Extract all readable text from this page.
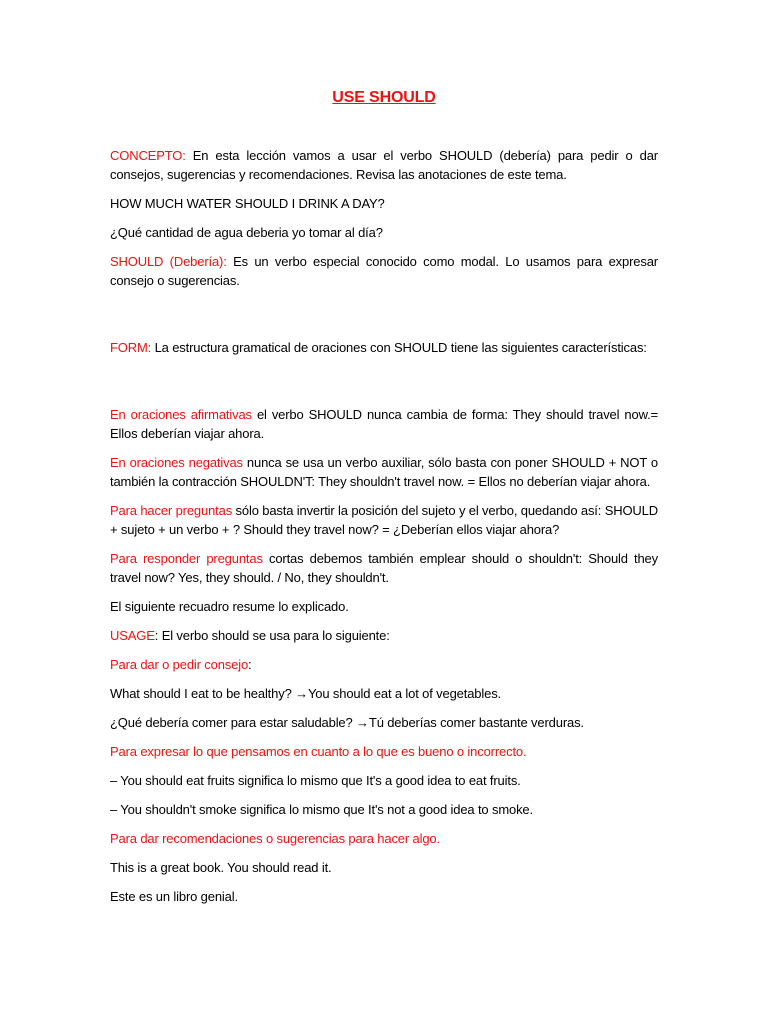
USE SHOULD
CONCEPTO: En esta lección vamos a usar el verbo SHOULD (debería) para pedir o dar consejos, sugerencias y recomendaciones. Revisa las anotaciones de este tema.
HOW MUCH WATER SHOULD I DRINK A DAY?
¿Qué cantidad de agua deberia yo tomar al día?
SHOULD (Debería): Es un verbo especial conocido como modal. Lo usamos para expresar consejo o sugerencias.
FORM: La estructura gramatical de oraciones con SHOULD tiene las siguientes características:
En oraciones afirmativas el verbo SHOULD nunca cambia de forma: They should travel now.= Ellos deberían viajar ahora.
En oraciones negativas nunca se usa un verbo auxiliar, sólo basta con poner SHOULD + NOT o también la contracción SHOULDN'T: They shouldn't travel now. = Ellos no deberían viajar ahora.
Para hacer preguntas sólo basta invertir la posición del sujeto y el verbo, quedando así: SHOULD + sujeto + un verbo + ? Should they travel now? = ¿Deberían ellos viajar ahora?
Para responder preguntas cortas debemos también emplear should o shouldn't: Should they travel now? Yes, they should. / No, they shouldn't.
El siguiente recuadro resume lo explicado.
USAGE: El verbo should se usa para lo siguiente:
Para dar o pedir consejo:
What should I eat to be healthy? →You should eat a lot of vegetables.
¿Qué debería comer para estar saludable? →Tú deberías comer bastante verduras.
Para expresar lo que pensamos en cuanto a lo que es bueno o incorrecto.
– You should eat fruits significa lo mismo que It's a good idea to eat fruits.
– You shouldn't smoke significa lo mismo que It's not a good idea to smoke.
Para dar recomendaciones o sugerencias para hacer algo.
This is a great book. You should read it.
Este es un libro genial.
